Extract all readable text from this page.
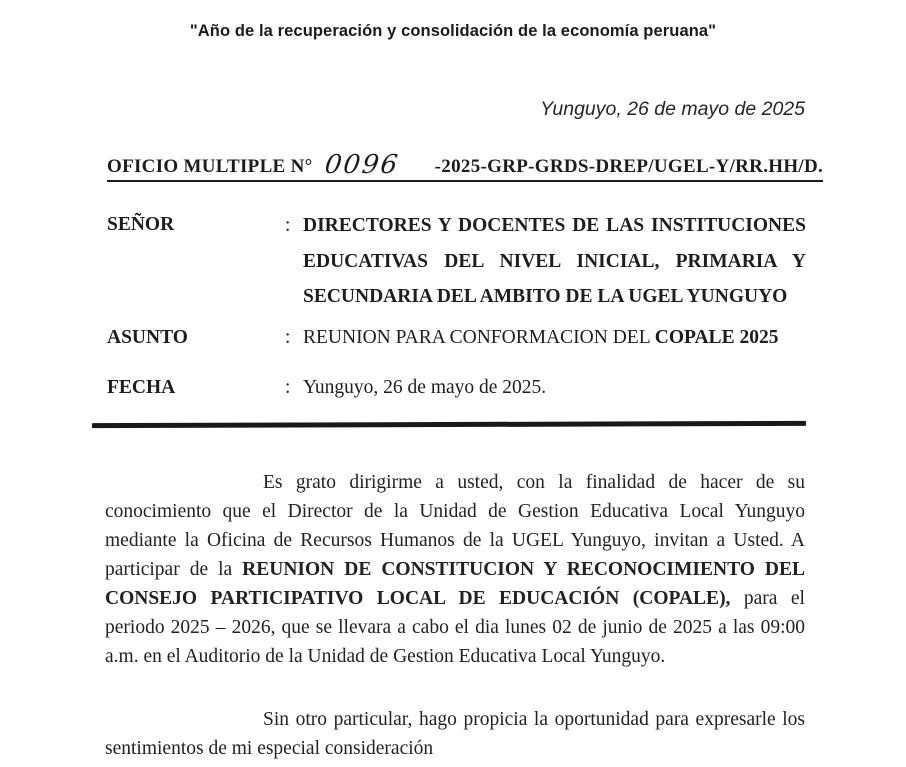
"Año de la recuperación y consolidación de la economía peruana"
Yunguyo, 26 de mayo de 2025
OFICIO MULTIPLE N° 0096 -2025-GRP-GRDS-DREP/UGEL-Y/RR.HH/D.
SEÑOR	: DIRECTORES Y DOCENTES DE LAS INSTITUCIONES EDUCATIVAS DEL NIVEL INICIAL, PRIMARIA Y SECUNDARIA DEL AMBITO DE LA UGEL YUNGUYO
ASUNTO	: REUNION PARA CONFORMACION DEL COPALE 2025
FECHA	: Yunguyo, 26 de mayo de 2025.
Es grato dirigirme a usted, con la finalidad de hacer de su conocimiento que el Director de la Unidad de Gestion Educativa Local Yunguyo mediante la Oficina de Recursos Humanos de la UGEL Yunguyo, invitan a Usted. A participar de la REUNION DE CONSTITUCION Y RECONOCIMIENTO DEL CONSEJO PARTICIPATIVO LOCAL DE EDUCACIÓN (COPALE), para el periodo 2025 – 2026, que se llevara a cabo el dia lunes 02 de junio de 2025 a las 09:00 a.m. en el Auditorio de la Unidad de Gestion Educativa Local Yunguyo.
Sin otro particular, hago propicia la oportunidad para expresarle los sentimientos de mi especial consideración
